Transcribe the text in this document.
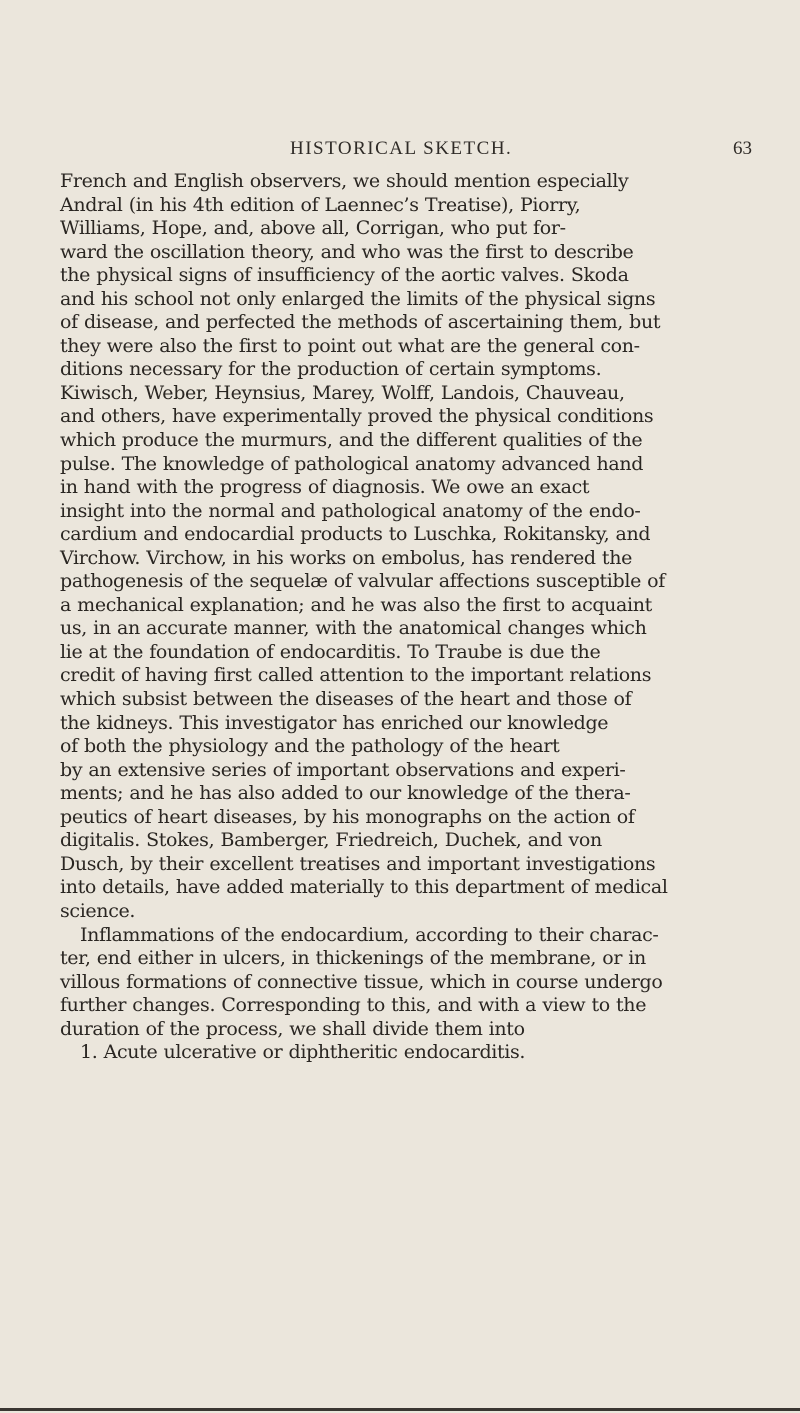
HISTORICAL SKETCH.	63
French and English observers, we should mention especially
Andral (in his 4th edition of Laennec’s Treatise), Piorry,
Williams, Hope, and, above all, Corrigan, who put for-
ward the oscillation theory, and who was the first to describe
the physical signs of insufficiency of the aortic valves. Skoda
and his school not only enlarged the limits of the physical signs
of disease, and perfected the methods of ascertaining them, but
they were also the first to point out what are the general con-
ditions necessary for the production of certain symptoms.
Kiwisch, Weber, Heynsius, Marey, Wolff, Landois, Chauveau,
and others, have experimentally proved the physical conditions
which produce the murmurs, and the different qualities of the
pulse. The knowledge of pathological anatomy advanced hand
in hand with the progress of diagnosis. We owe an exact
insight into the normal and pathological anatomy of the endo-
cardium and endocardial products to Luschka, Rokitansky, and
Virchow. Virchow, in his works on embolus, has rendered the
pathogenesis of the sequelæ of valvular affections susceptible of
a mechanical explanation; and he was also the first to acquaint
us, in an accurate manner, with the anatomical changes which
lie at the foundation of endocarditis. To Traube is due the
credit of having first called attention to the important relations
which subsist between the diseases of the heart and those of
the kidneys. This investigator has enriched our knowledge
of both the physiology and the pathology of the heart
by an extensive series of important observations and experi-
ments; and he has also added to our knowledge of the thera-
peutics of heart diseases, by his monographs on the action of
digitalis. Stokes, Bamberger, Friedreich, Duchek, and von
Dusch, by their excellent treatises and important investigations
into details, have added materially to this department of medical
science.
Inflammations of the endocardium, according to their charac-
ter, end either in ulcers, in thickenings of the membrane, or in
villous formations of connective tissue, which in course undergo
further changes. Corresponding to this, and with a view to the
duration of the process, we shall divide them into
1. Acute ulcerative or diphtheritic endocarditis.
